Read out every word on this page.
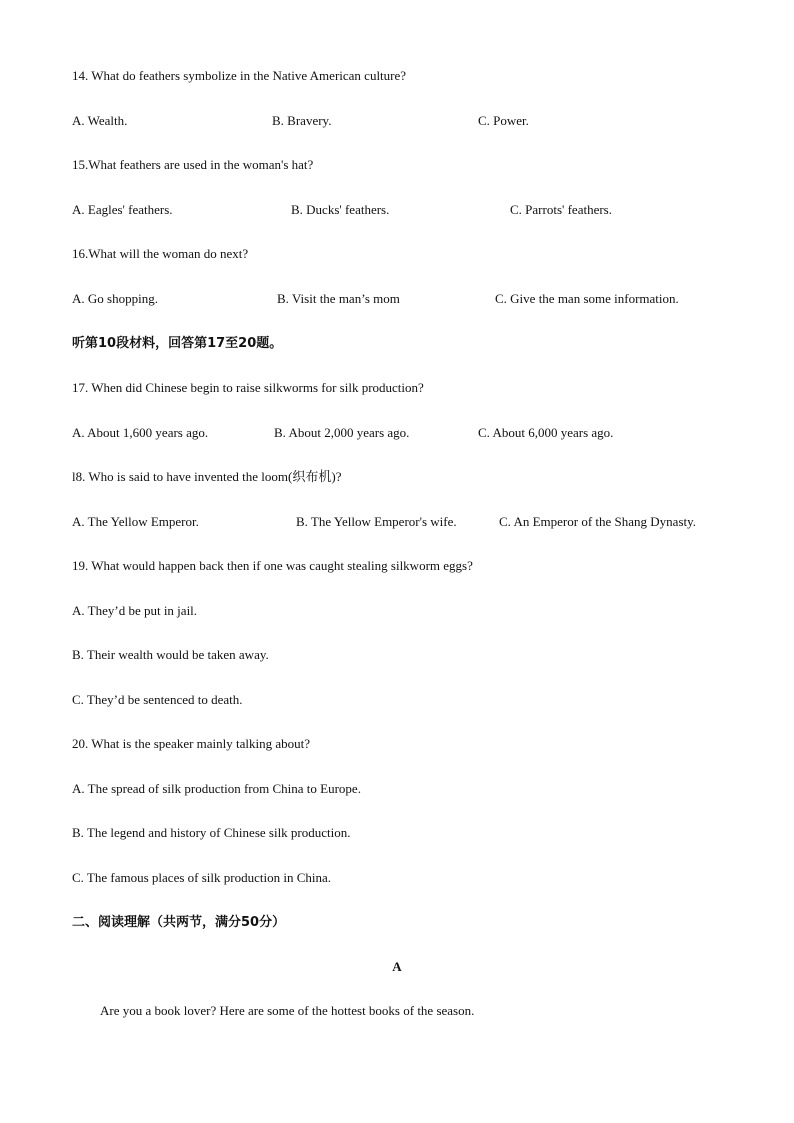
14. What do feathers symbolize in the Native American culture?
A. Wealth.	B. Bravery.	C. Power.
15.What feathers are used in the woman's hat?
A. Eagles' feathers.	B. Ducks' feathers.	C. Parrots' feathers.
16.What will the woman do next?
A. Go shopping.	B. Visit the man’s mom	C. Give the man some information.
听第10段材料，回答第17至20题。
17. When did Chinese begin to raise silkworms for silk production?
A. About 1,600 years ago.	B. About 2,000 years ago.	C. About 6,000 years ago.
l8. Who is said to have invented the loom(织布机)?
A. The Yellow Emperor.	B. The Yellow Emperor's wife.	C. An Emperor of the Shang Dynasty.
19. What would happen back then if one was caught stealing silkworm eggs?
A. They’d be put in jail.
B. Their wealth would be taken away.
C. They’d be sentenced to death.
20. What is the speaker mainly talking about?
A. The spread of silk production from China to Europe.
B. The legend and history of Chinese silk production.
C. The famous places of silk production in China.
二、阅读理解（共两节，满分50分）
A
Are you a book lover? Here are some of the hottest books of the season.
